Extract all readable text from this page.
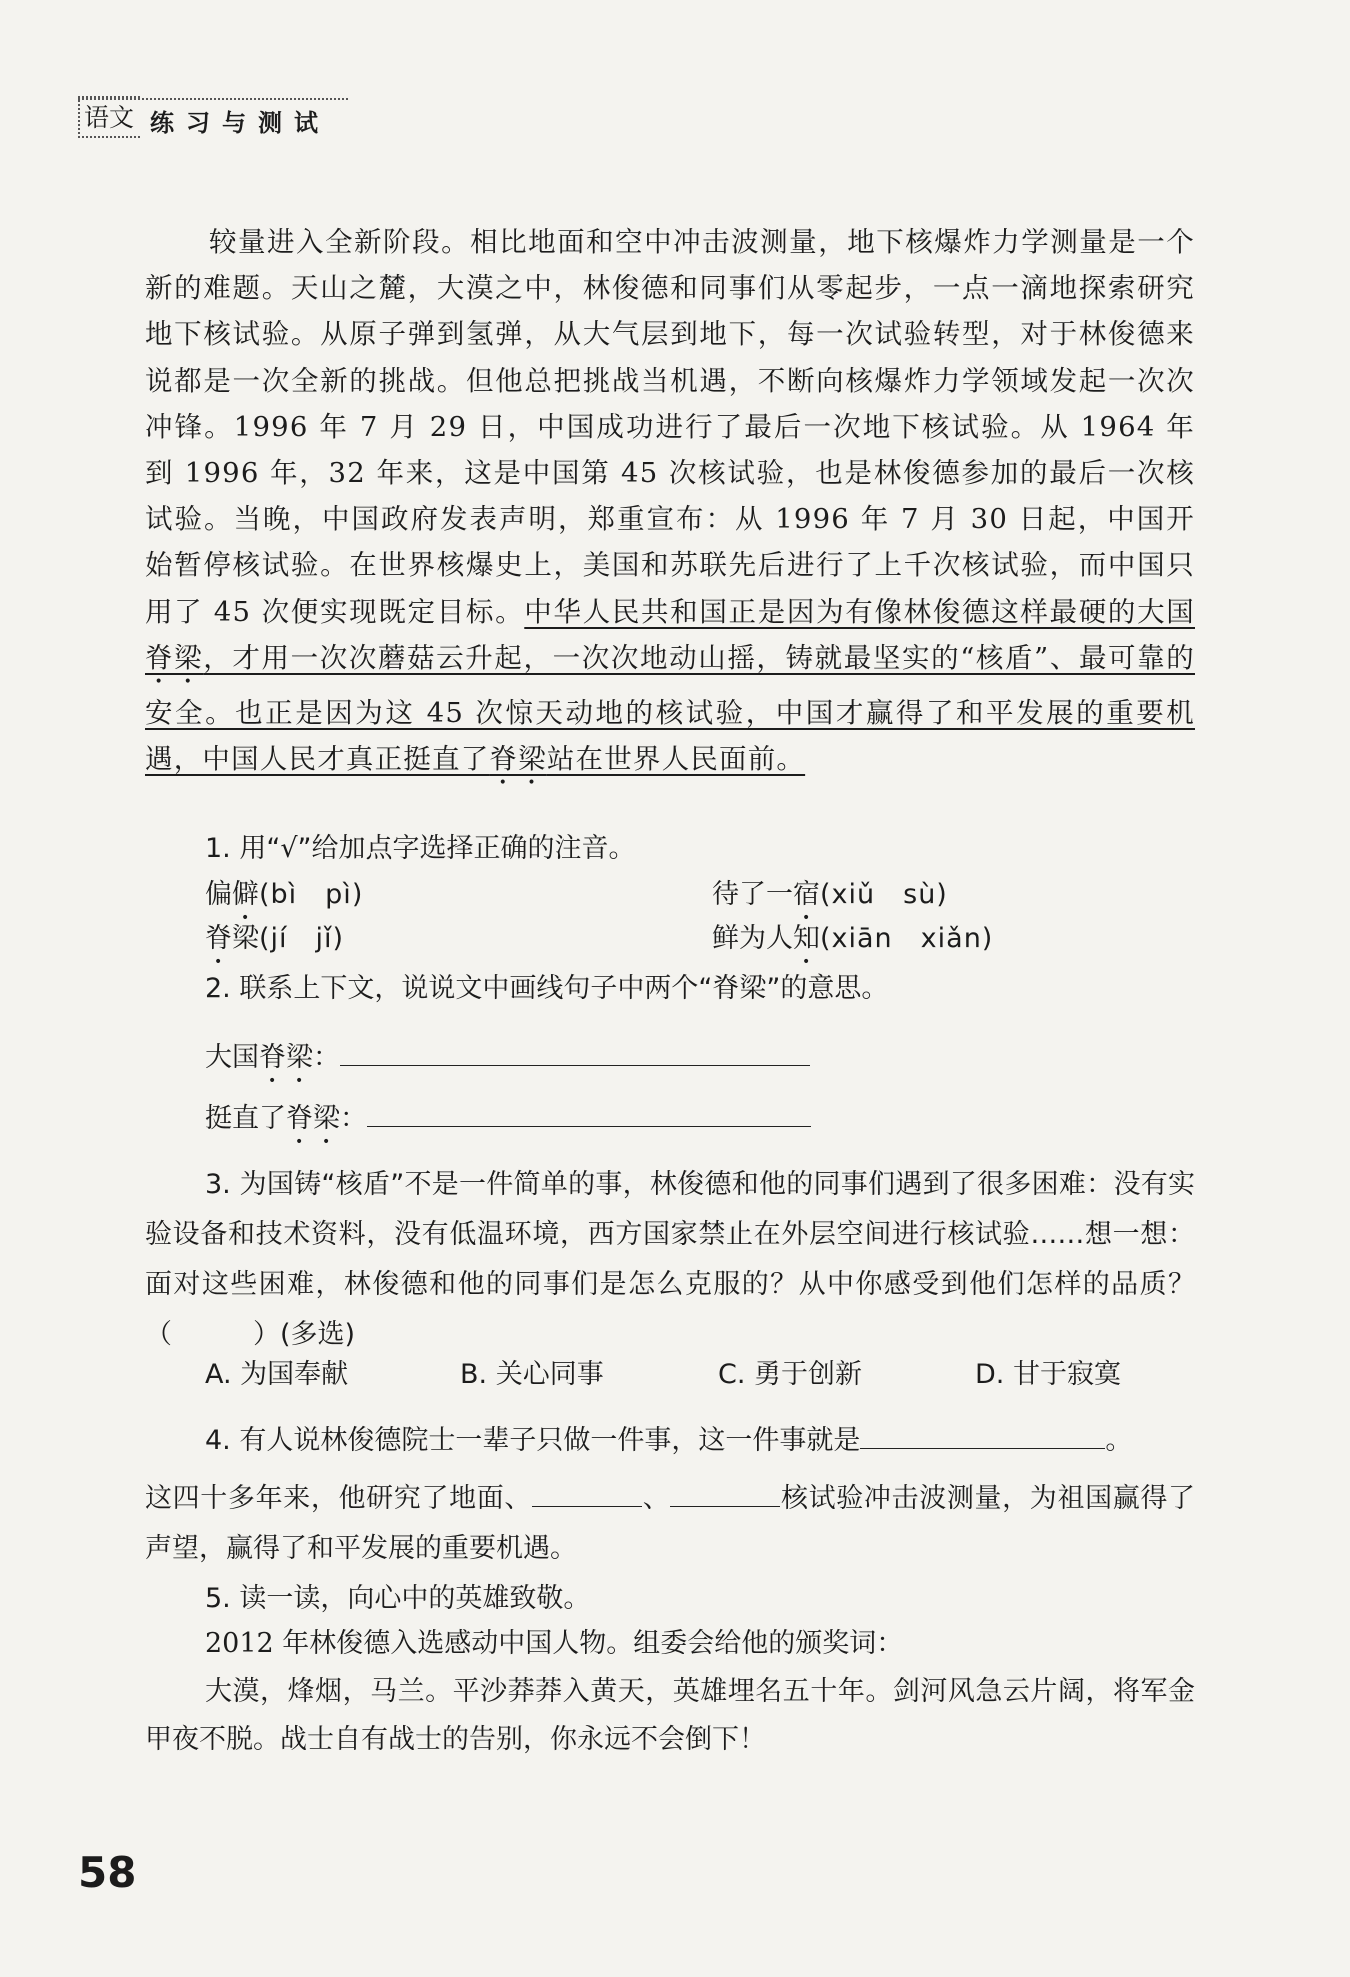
语文 练习与测试
较量进入全新阶段。相比地面和空中冲击波测量，地下核爆炸力学测量是一个新的难题。天山之麓，大漠之中，林俊德和同事们从零起步，一点一滴地探索研究地下核试验。从原子弹到氢弹，从大气层到地下，每一次试验转型，对于林俊德来说都是一次全新的挑战。但他总把挑战当机遇，不断向核爆炸力学领域发起一次次冲锋。1996 年 7 月 29 日，中国成功进行了最后一次地下核试验。从 1964 年到 1996 年，32 年来，这是中国第 45 次核试验，也是林俊德参加的最后一次核试验。当晚，中国政府发表声明，郑重宣布：从 1996 年 7 月 30 日起，中国开始暂停核试验。在世界核爆史上，美国和苏联先后进行了上千次核试验，而中国只用了 45 次便实现既定目标。中华人民共和国正是因为有像林俊德这样最硬的大国脊梁，才用一次次蘑菇云升起，一次次地动山摇，铸就最坚实的“核盾”、最可靠的安全。也正是因为这 45 次惊天动地的核试验，中国才赢得了和平发展的重要机遇，中国人民才真正挺直了脊梁站在世界人民面前。
1. 用“√”给加点字选择正确的注音。
偏僻(bì　pì)	待了一宿(xiǔ　sù)
脊梁(jí　jǐ)	鲜为人知(xiān　xiǎn)
2. 联系上下文，说说文中画线句子中两个“脊梁”的意思。
大国脊梁：
挺直了脊梁：
3. 为国铸“核盾”不是一件简单的事，林俊德和他的同事们遇到了很多困难：没有实验设备和技术资料，没有低温环境，西方国家禁止在外层空间进行核试验……想一想：面对这些困难，林俊德和他的同事们是怎么克服的？从中你感受到他们怎样的品质？（　　　）(多选)
A. 为国奉献	B. 关心同事	C. 勇于创新	D. 甘于寂寞
4. 有人说林俊德院士一辈子只做一件事，这一件事就是	。
这四十多年来，他研究了地面、	、	核试验冲击波测量，为祖国赢得了声望，赢得了和平发展的重要机遇。
5. 读一读，向心中的英雄致敬。
2012 年林俊德入选感动中国人物。组委会给他的颁奖词：
大漠，烽烟，马兰。平沙莽莽入黄天，英雄埋名五十年。剑河风急云片阔，将军金甲夜不脱。战士自有战士的告别，你永远不会倒下！
58
